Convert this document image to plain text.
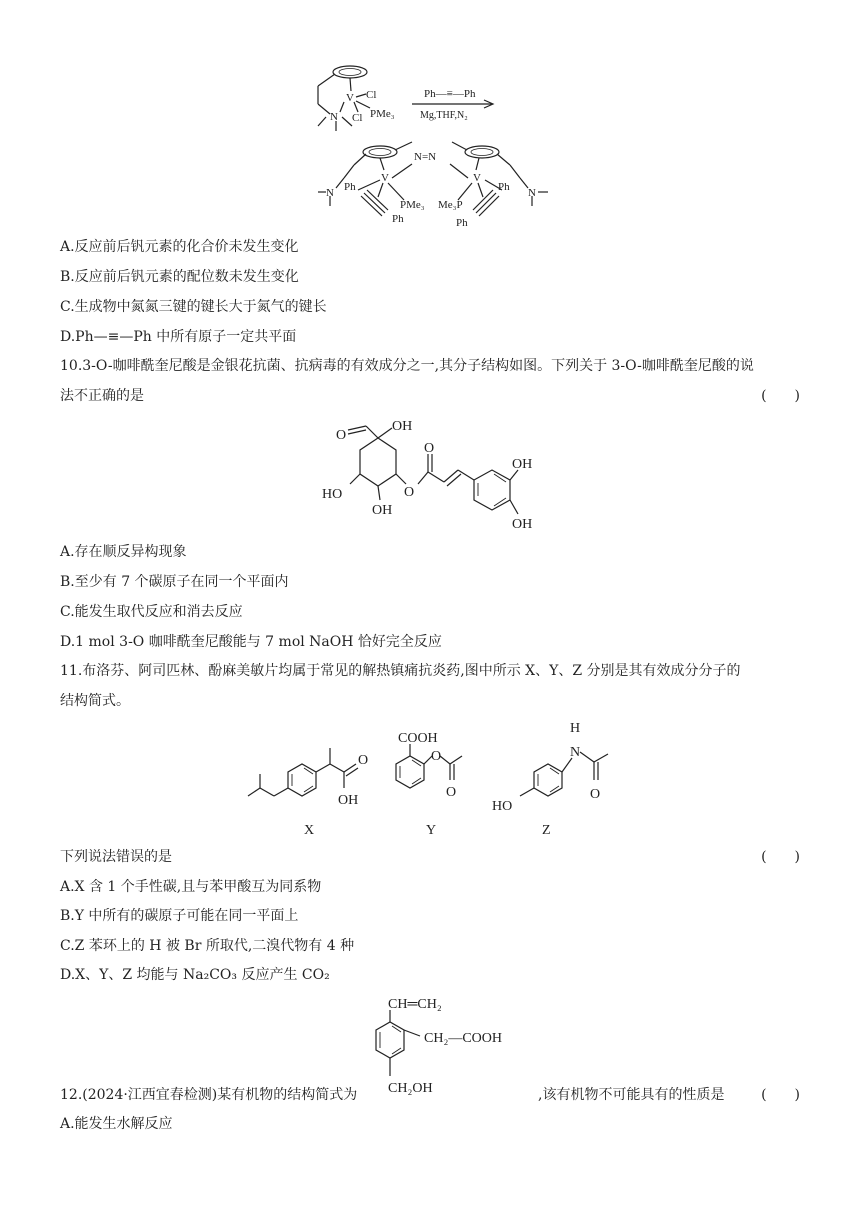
Ph—≡—Ph
Mg,THF,N₂
Cl
V
PMe₃
Cl
N
N=N
V	V
Ph
Ph
Ph
Ph
PMe₃ Me₃P
N	N
A.反应前后钒元素的化合价未发生变化
B.反应前后钒元素的配位数未发生变化
C.生成物中氮氮三键的键长大于氮气的键长
D.Ph—≡—Ph 中所有原子一定共平面
10.3-O-咖啡酰奎尼酸是金银花抗菌、抗病毒的有效成分之一,其分子结构如图。下列关于 3-O-咖啡酰奎尼酸的说
法不正确的是	(　　)
O
OH
O
OH
HO	O
OH
OH
A.存在顺反异构现象
B.至少有 7 个碳原子在同一个平面内
C.能发生取代反应和消去反应
D.1 mol 3-O 咖啡酰奎尼酸能与 7 mol NaOH 恰好完全反应
11.布洛芬、阿司匹林、酚麻美敏片均属于常见的解热镇痛抗炎药,图中所示 X、Y、Z 分别是其有效成分分子的
结构简式。
O
OH
X
COOH
O
O
Y
H
N
O
HO
Z
下列说法错误的是	(　　)
A.X 含 1 个手性碳,且与苯甲酸互为同系物
B.Y 中所有的碳原子可能在同一平面上
C.Z 苯环上的 H 被 Br 所取代,二溴代物有 4 种
D.X、Y、Z 均能与 Na₂CO₃ 反应产生 CO₂
CH═CH₂
CH₂—COOH
CH₂OH
12.(2024·江西宜春检测)某有机物的结构简式为	,该有机物不可能具有的性质是	(　　)
A.能发生水解反应
